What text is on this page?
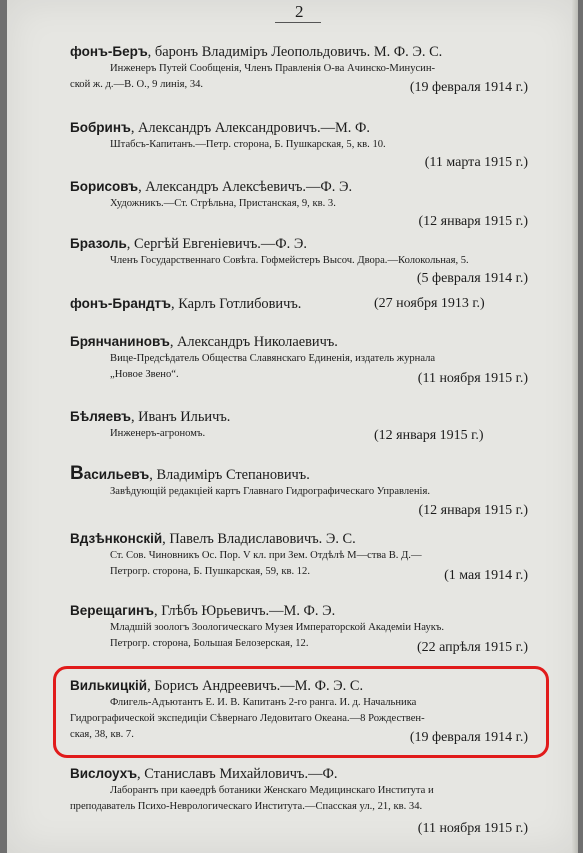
2
фонъ-Беръ, баронъ Владиміръ Леопольдовичъ. М. Ф. Э. С.
Инженеръ Путей Сообщенія, Членъ Правленія О-ва Ачинско-Минусин-
ской ж. д.—В. О., 9 линія, 34.	(19 февраля 1914 г.)
Бобринъ, Александръ Александровичъ.—М. Ф.
Штабсъ-Капитанъ.—Петр. сторона, Б. Пушкарская, 5, кв. 10.
(11 марта 1915 г.)
Борисовъ, Александръ Алексѣевичъ.—Ф. Э.
Художникъ.—Ст. Стрѣльна, Пристанская, 9, кв. 3.
(12 января 1915 г.)
Бразоль, Сергѣй Евгеніевичъ.—Ф. Э.
Членъ Государственнаго Совѣта. Гофмейстеръ Высоч. Двора.—Колокольная, 5.
(5 февраля 1914 г.)
фонъ-Брандтъ, Карлъ Готлибовичъ.	(27 ноября 1913 г.)
Брянчаниновъ, Александръ Николаевичъ.
Вице-Предсѣдатель Общества Славянскаго Единенія, издатель журнала
„Новое Звено“.	(11 ноября 1915 г.)
Бѣляевъ, Иванъ Ильичъ.
Инженеръ-агрономъ.	(12 января 1915 г.)
Васильевъ, Владиміръ Степановичъ.
Завѣдующій редакціей картъ Главнаго Гидрографическаго Управленія.
(12 января 1915 г.)
Вдзѣнконскій, Павелъ Владиславовичъ. Э. С.
Ст. Сов. Чиновникъ Ос. Пор. V кл. при Зем. Отдѣлѣ М—ства В. Д.—
Петрогр. сторона, Б. Пушкарская, 59, кв. 12.	(1 мая 1914 г.)
Верещагинъ, Глѣбъ Юрьевичъ.—М. Ф. Э.
Младшій зоологъ Зоологическаго Музея Императорской Академіи Наукъ.
Петрогр. сторона, Большая Белозерская, 12.	(22 апрѣля 1915 г.)
Вилькицкій, Борисъ Андреевичъ.—М. Ф. Э. С.
Флигель-Адъютантъ Е. И. В. Капитанъ 2-го ранга. И. д. Начальника
Гидрографической экспедиціи Сѣвернаго Ледовитаго Океана.—8 Рождествен-
ская, 38, кв. 7.	(19 февраля 1914 г.)
Вислоухъ, Станиславъ Михайловичъ.—Ф.
Лаборантъ при каѳедрѣ ботаники Женскаго Медицинскаго Института и
преподаватель Психо-Неврологическаго Института.—Спасская ул., 21, кв. 34.
(11 ноября 1915 г.)
